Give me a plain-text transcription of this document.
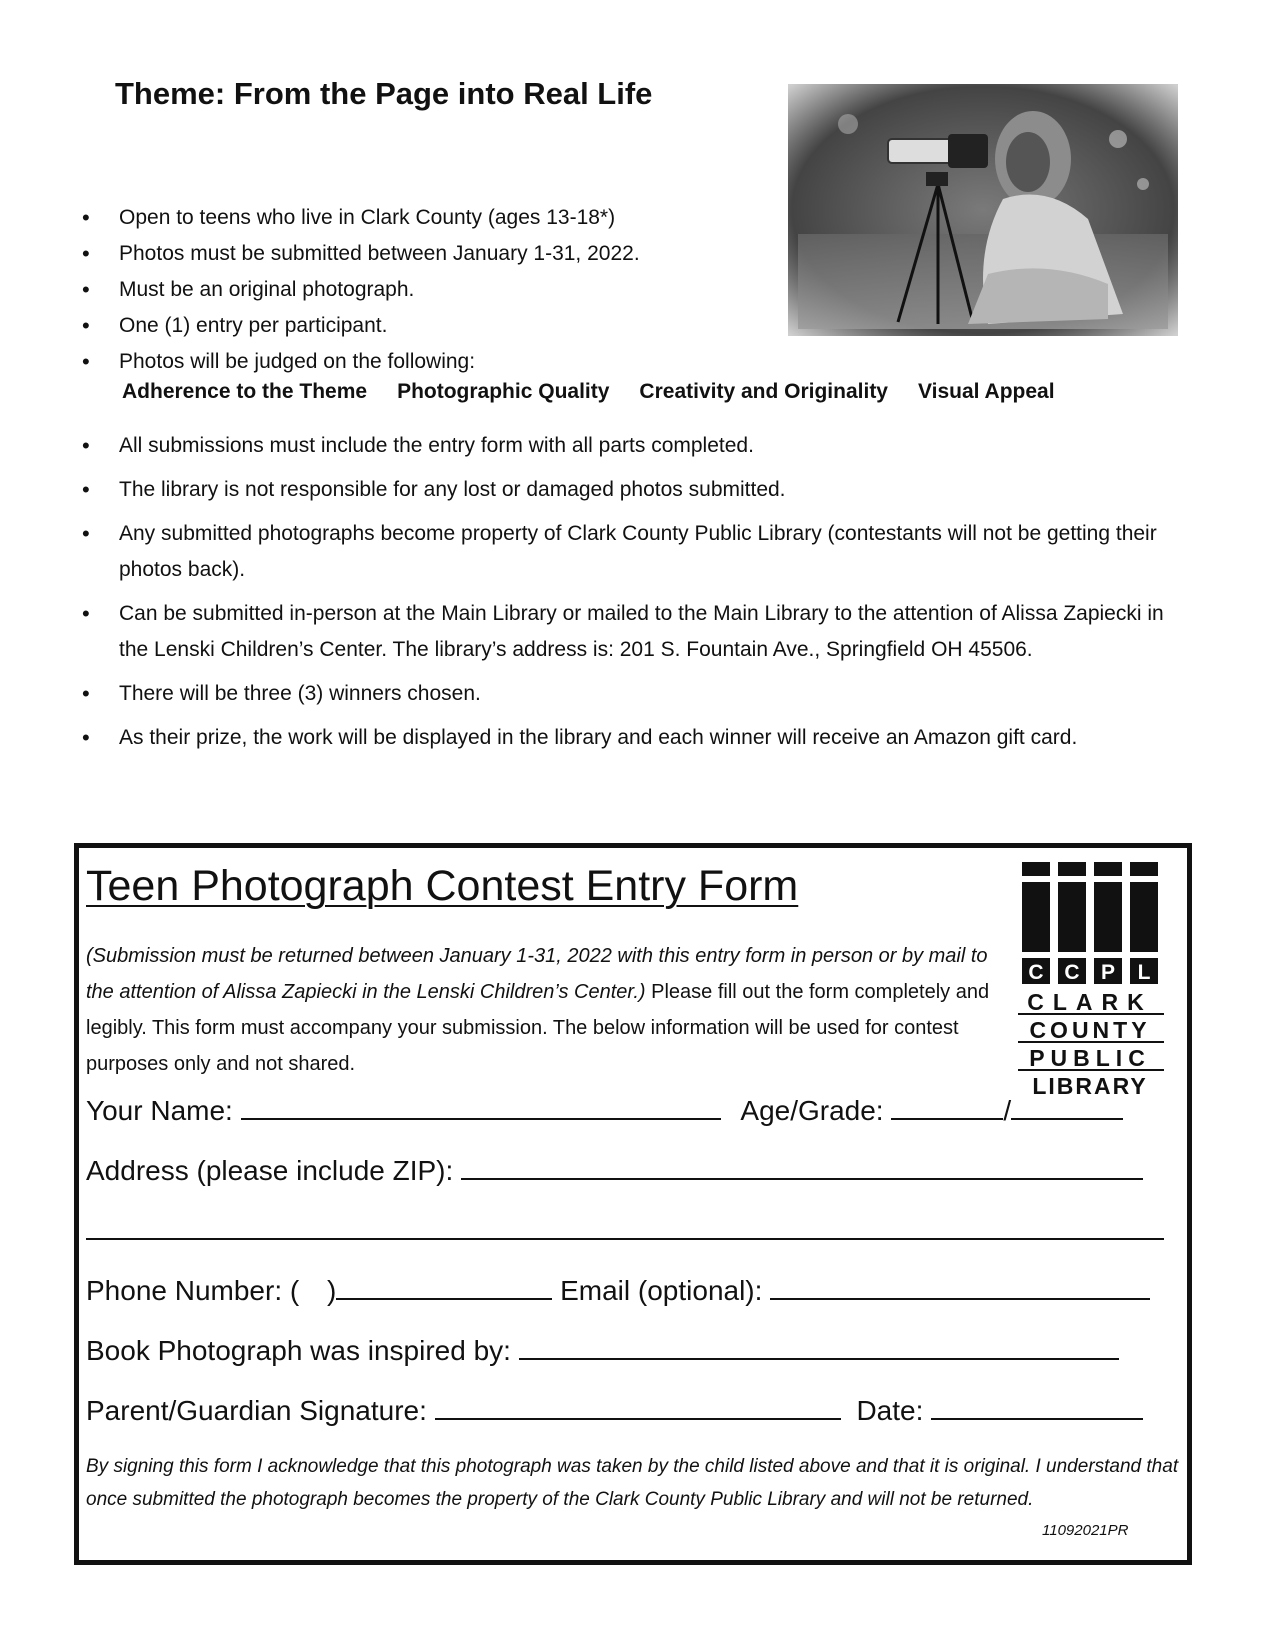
Theme: From the Page into Real Life
• Open to teens who live in Clark County (ages 13-18*)
• Photos must be submitted between January 1-31, 2022.
• Must be an original photograph.
• One (1) entry per participant.
• Photos will be judged on the following:
Adherence to the Theme Photographic Quality Creativity and Originality Visual Appeal
• All submissions must include the entry form with all parts completed.
• The library is not responsible for any lost or damaged photos submitted.
• Any submitted photographs become property of Clark County Public Library (contestants will not be getting their photos back).
• Can be submitted in-person at the Main Library or mailed to the Main Library to the attention of Alissa Zapiecki in the Lenski Children’s Center. The library’s address is: 201 S. Fountain Ave., Springfield OH 45506.
• There will be three (3) winners chosen.
• As their prize, the work will be displayed in the library and each winner will receive an Amazon gift card.
Teen Photograph Contest Entry Form

(Submission must be returned between January 1-31, 2022 with this entry form in person or by mail to the attention of Alissa Zapiecki in the Lenski Children’s Center.) Please fill out the form completely and legibly. This form must accompany your submission. The below information will be used for contest purposes only and not shared.

C C P L
CLARK
COUNTY
PUBLIC
LIBRARY
Your Name:	Age/Grade:	/
Address (please include ZIP):
Phone Number: ( )	Email (optional):
Book Photograph was inspired by:
Parent/Guardian Signature:	Date:

By signing this form I acknowledge that this photograph was taken by the child listed above and that it is original. I understand that once submitted the photograph becomes the property of the Clark County Public Library and will not be returned.

11092021PR
